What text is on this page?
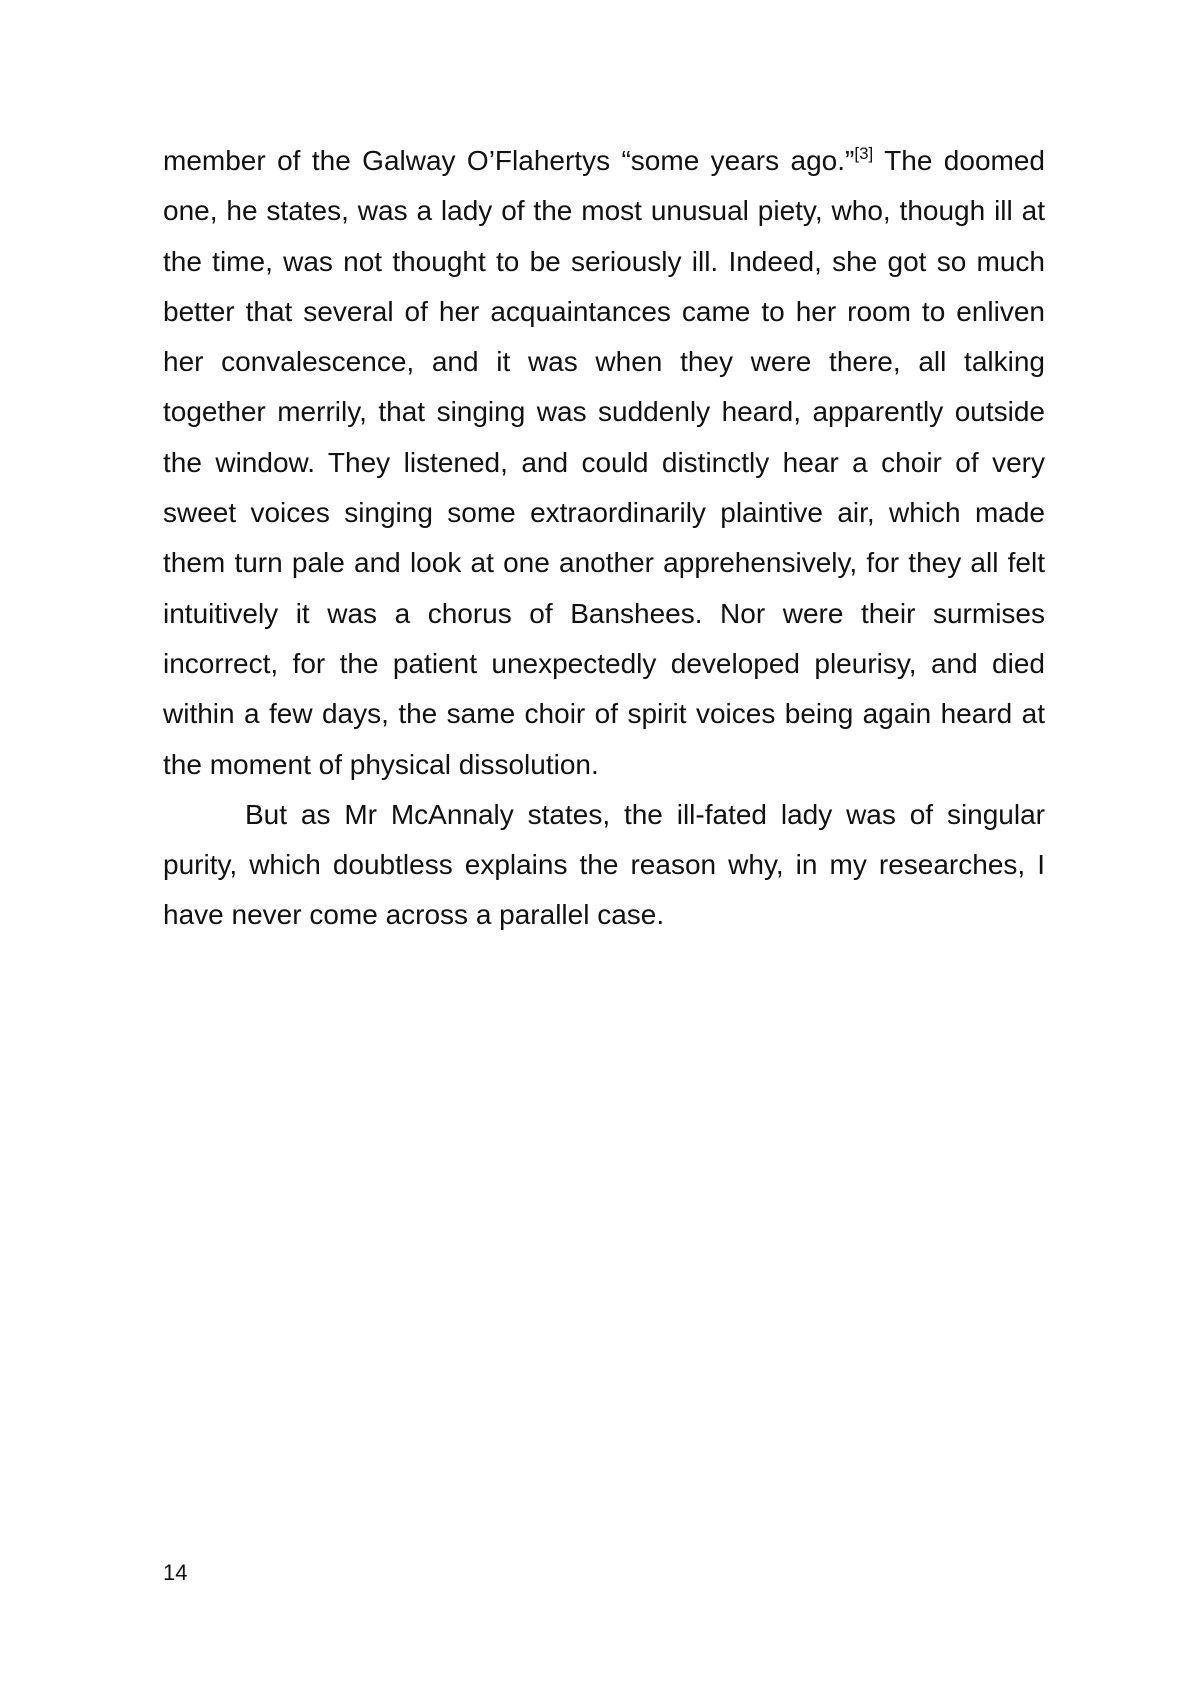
member of the Galway O’Flahertys “some years ago.”[3] The doomed one, he states, was a lady of the most unusual piety, who, though ill at the time, was not thought to be seriously ill. Indeed, she got so much better that several of her acquaintances came to her room to enliven her convalescence, and it was when they were there, all talking together merrily, that singing was suddenly heard, apparently outside the window. They listened, and could distinctly hear a choir of very sweet voices singing some extraordinarily plaintive air, which made them turn pale and look at one another apprehensively, for they all felt intuitively it was a chorus of Banshees. Nor were their surmises incorrect, for the patient unexpectedly developed pleurisy, and died within a few days, the same choir of spirit voices being again heard at the moment of physical dissolution.

But as Mr McAnnaly states, the ill-fated lady was of singular purity, which doubtless explains the reason why, in my researches, I have never come across a parallel case.

14
